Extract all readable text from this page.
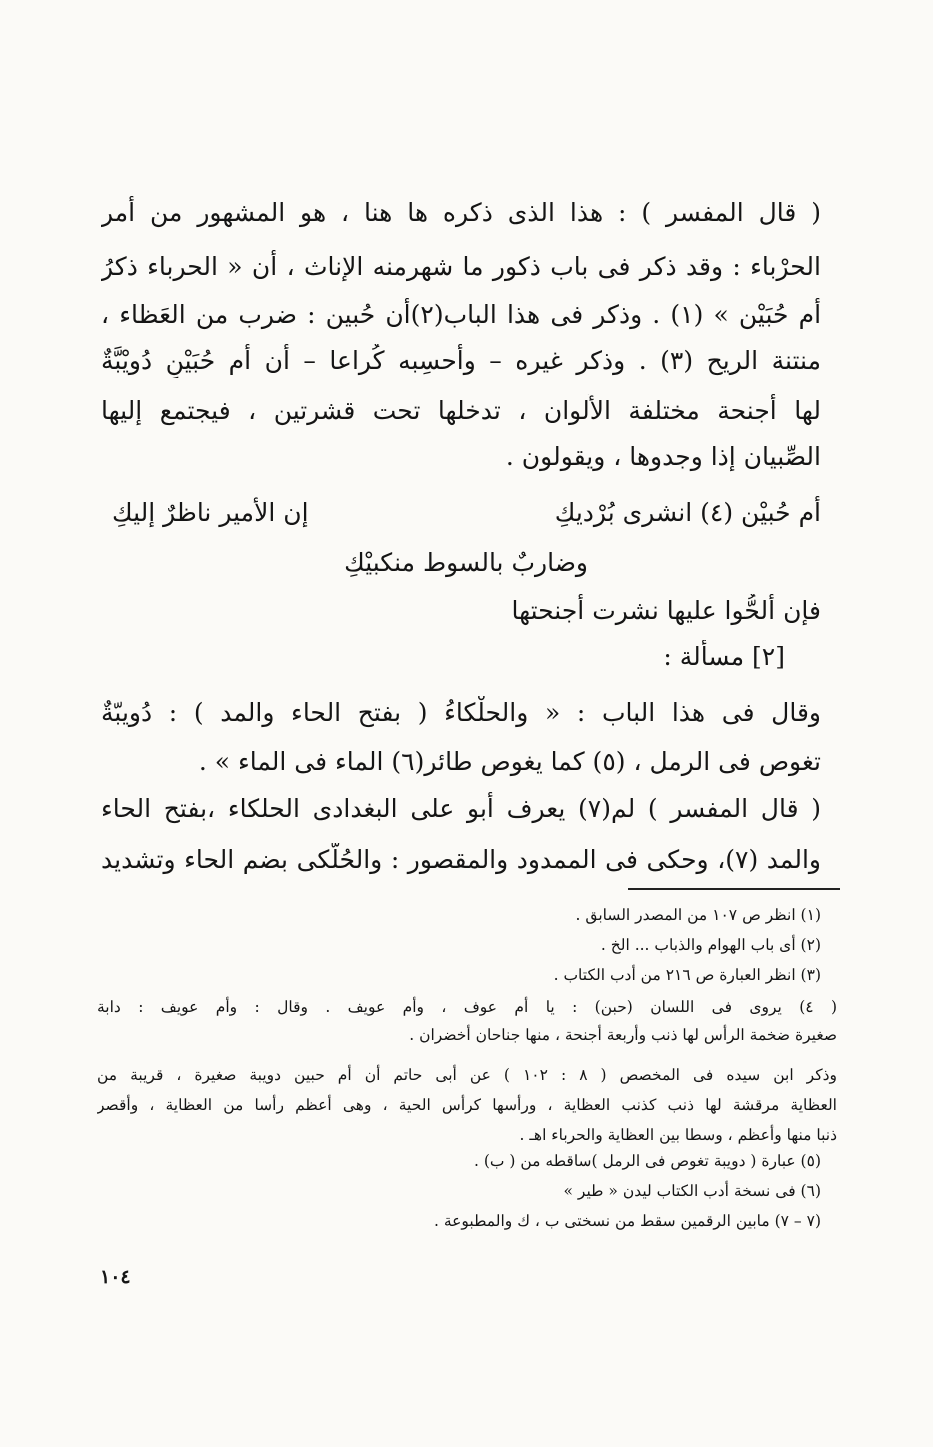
( قال المفسر ) : هذا الذى ذكره ها هنا ، هو المشهور من أمر
الحرْباء : وقد ذكر فى باب ذكور ما شهرمنه الإناث ، أن « الحرباء ذكرُ
أم حُبَيْن » (١) . وذكر فى هذا الباب(٢)أن حُبين : ضرب من العَظاء ،
منتنة الريح (٣) . وذكر غيره – وأحسِبه كُراعا – أن أم حُبَيْنٍ دُويْبَّةٌ
لها أجنحة مختلفة الأَلوان ، تدخلها تحت قشرتين ، فيجتمع إليها
الصِّبيان إذا وجدوها ، ويقولون .
أم حُبيْن (٤) انشرى بُرْديكِ
إن الأمير ناظرٌ إليكِ
وضاربٌ بالسوط منكبيْكِ
فإن ألحُّوا عليها نشرت أجنحتها
[٢] مسألة :
وقال فى هذا الباب : « والحلْكاءُ ( بفتح الحاء والمد ) : دُويبّةٌ
تغوص فى الرمل ، (٥) كما يغوص طائر(٦) الماء فى الماء » .
( قال المفسر ) لم(٧) يعرف أبو على البغدادى الحلكاء ،بفتح الحاء
والمد (٧)، وحكى فى الممدود والمقصور : والحُلَّكى بضم الحاء وتشديد
(١) انظر ص ١٠٧ من المصدر السابق .
(٢) أى باب الهوام والذباب ... الخ .
(٣) انظر العبارة ص ٢١٦ من أدب الكتاب .
( ٤) يروى فى اللسان (حبن) : يا أم عوف ، وأم عويف . وقال : وأم عويف : دابة
صغيرة ضخمة الرأس لها ذنب وأربعة أجنحة ، منها جناحان أخضران .
وذكر ابن سيده فى المخصص ( ٨ : ١٠٢ ) عن أبى حاتم أن أم حبين دويبة صغيرة ، قريبة من
العظاية مرقشة لها ذنب كذنب العظاية ، ورأسها كرأس الحية ، وهى أعظم رأسا من العظاية ، وأقصر
ذنبا منها وأعظم ، وسطا بين العظاية والحرباء اهـ .
(٥) عبارة ( دويبة تغوص فى الرمل )ساقطه من ( ب) .
(٦) فى نسخة أدب الكتاب ليدن « طير »
(٧ – ٧) مابين الرقمين سقط من نسختى ب ، ك والمطبوعة .
١٠٤
